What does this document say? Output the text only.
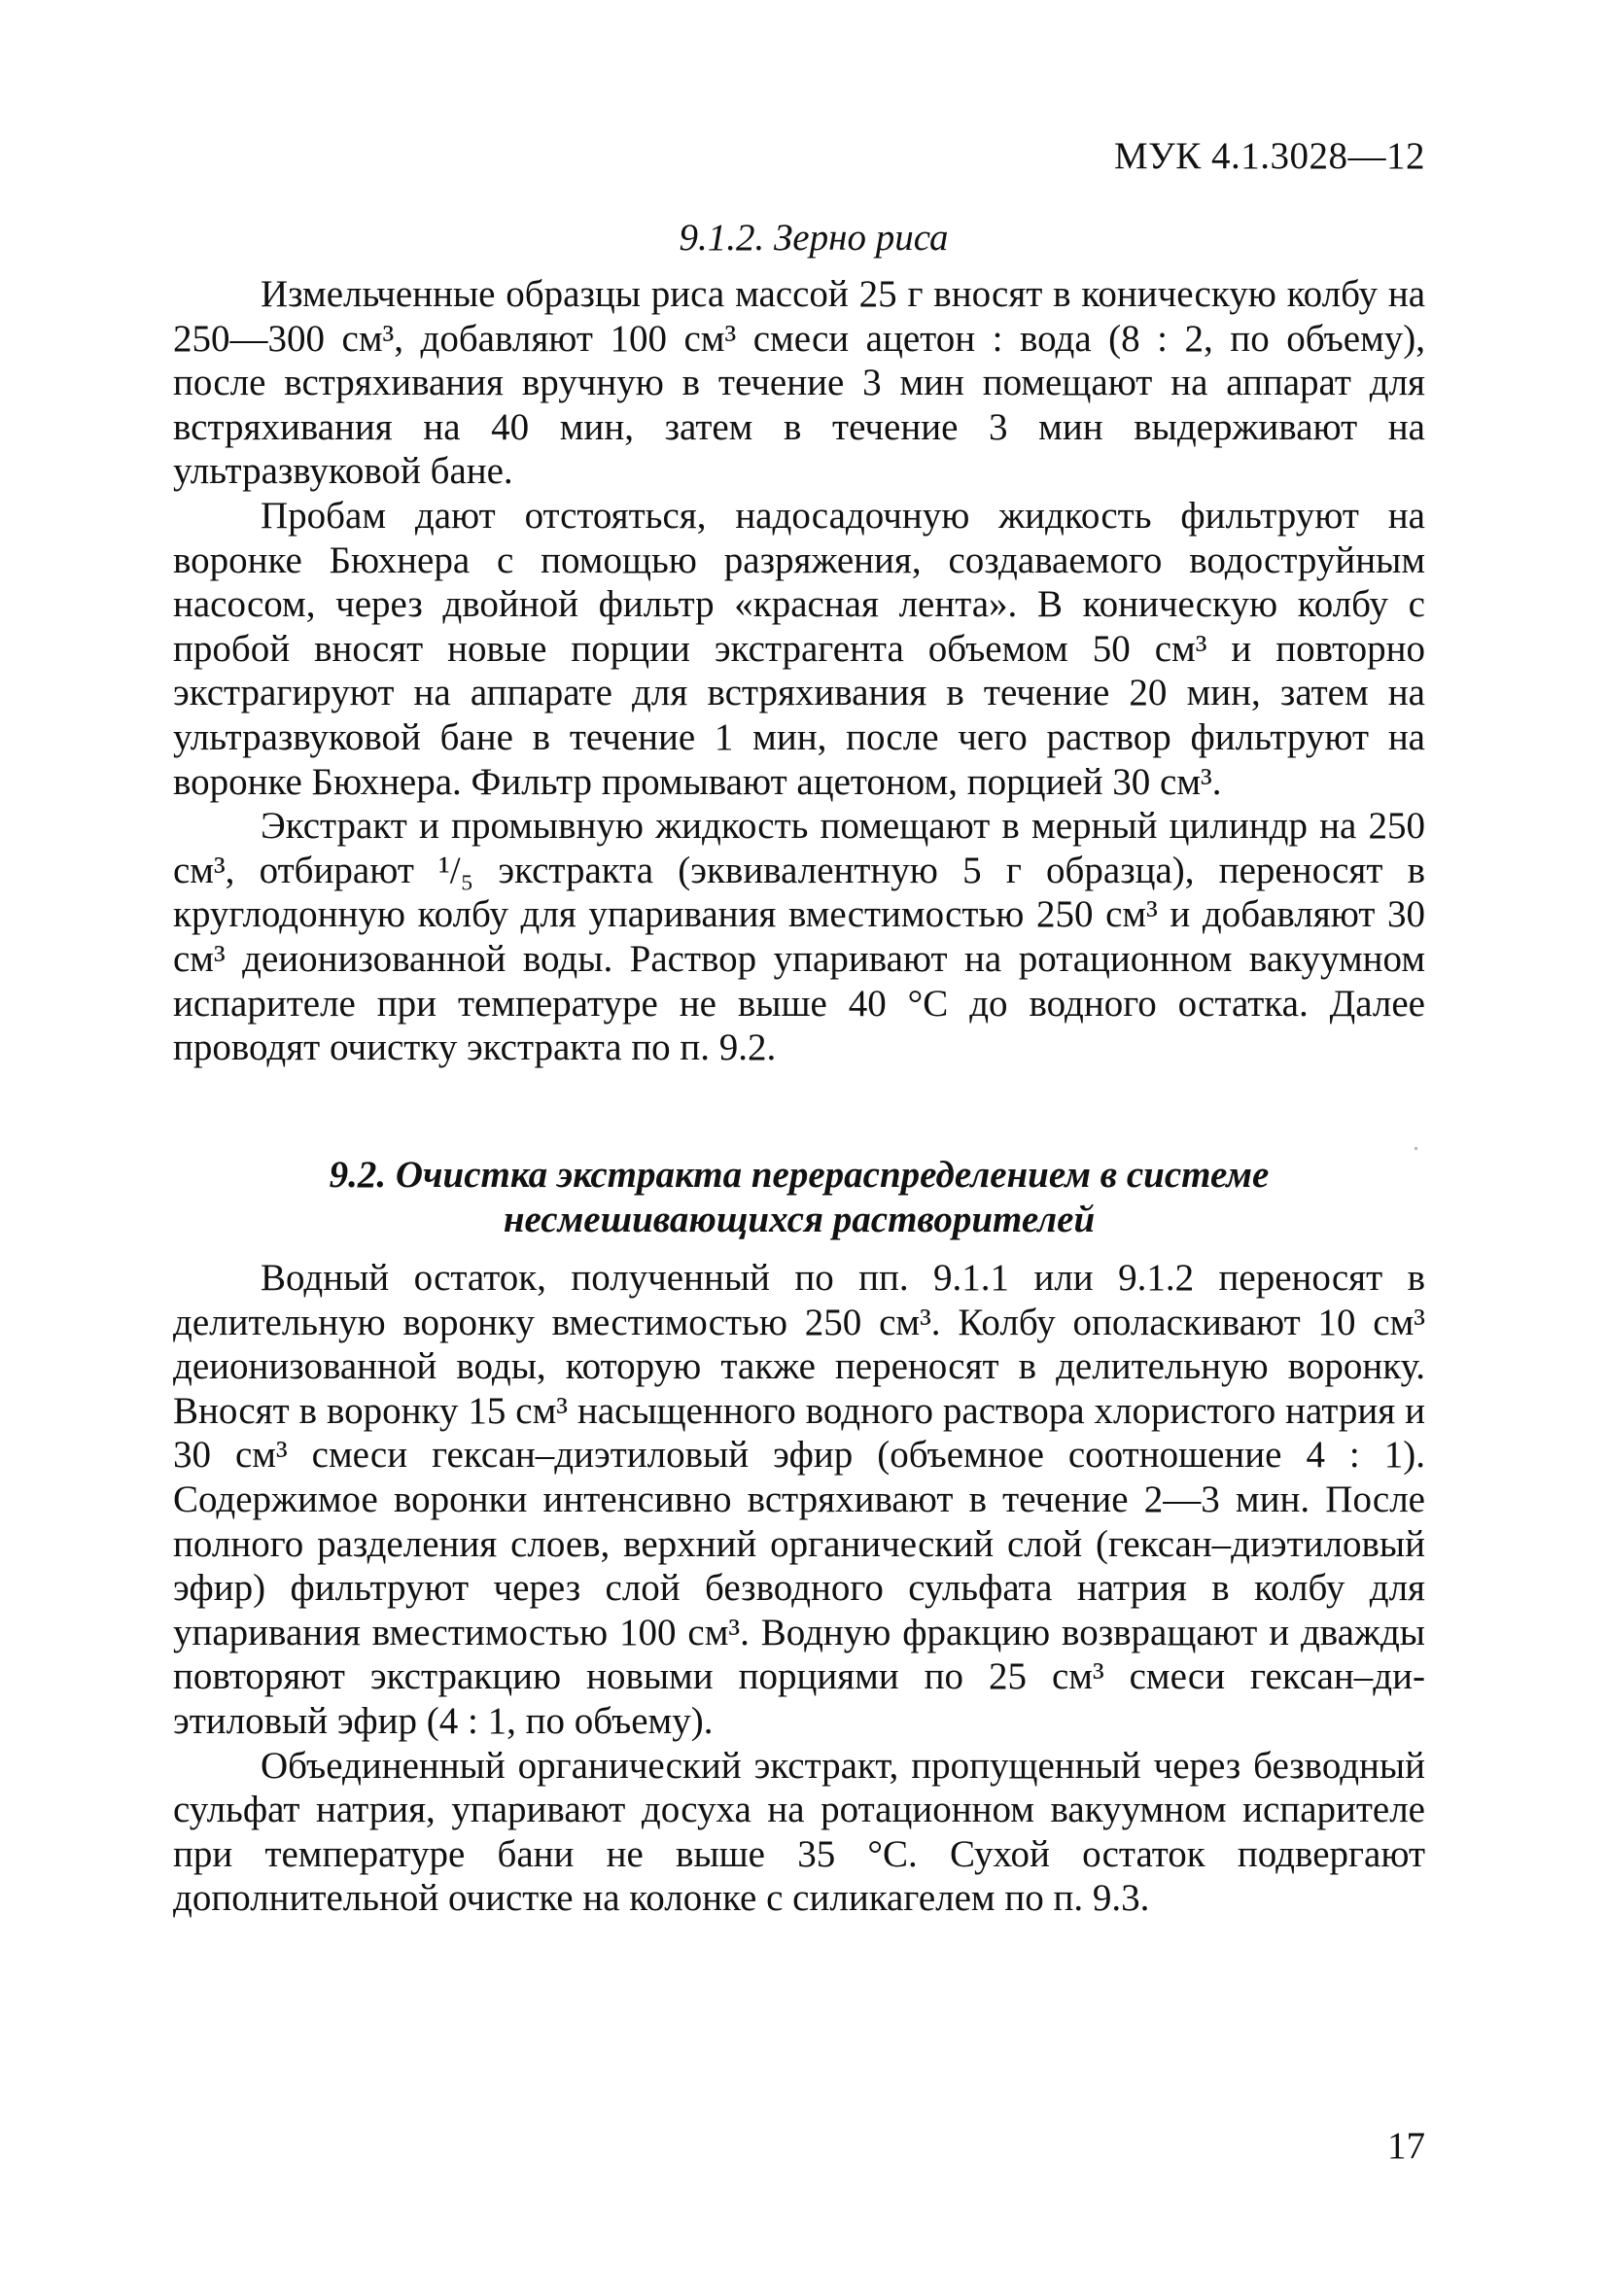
МУК 4.1.3028—12
9.1.2. Зерно риса

Измельченные образцы риса массой 25 г вносят в коническую колбу на 250—300 см³, добавляют 100 см³ смеси ацетон : вода (8 : 2, по объему), после встряхивания вручную в течение 3 мин помещают на аппарат для встряхивания на 40 мин, затем в течение 3 мин выдерживают на ультразвуковой бане.

Пробам дают отстояться, надосадочную жидкость фильтруют на воронке Бюхнера с помощью разряжения, создаваемого водоструйным насосом, через двойной фильтр «красная лента». В коническую колбу с пробой вносят новые порции экстрагента объемом 50 см³ и повторно экстрагируют на аппарате для встряхивания в течение 20 мин, затем на ультразвуковой бане в течение 1 мин, после чего раствор фильтруют на воронке Бюхнера. Фильтр промывают ацетоном, порцией 30 см³.

Экстракт и промывную жидкость помещают в мерный цилиндр на 250 см³, отбирают ¹/₅ экстракта (эквивалентную 5 г образца), переносят в круглодонную колбу для упаривания вместимостью 250 см³ и добавляют 30 см³ деионизованной воды. Раствор упаривают на ротационном вакуумном испарителе при температуре не выше 40 °С до водного остатка. Далее проводят очистку экстракта по п. 9.2.

9.2. Очистка экстракта перераспределением в системе
несмешивающихся растворителей

Водный остаток, полученный по пп. 9.1.1 или 9.1.2 переносят в делительную воронку вместимостью 250 см³. Колбу ополаскивают 10 см³ деионизованной воды, которую также переносят в делительную воронку. Вносят в воронку 15 см³ насыщенного водного раствора хлористого натрия и 30 см³ смеси гексан–диэтиловый эфир (объемное соотношение 4 : 1). Содержимое воронки интенсивно встряхивают в течение 2—3 мин. После полного разделения слоев, верхний органический слой (гексан–диэтиловый эфир) фильтруют через слой безводного сульфата натрия в колбу для упаривания вместимостью 100 см³. Водную фракцию возвращают и дважды повторяют экстракцию новыми порциями по 25 см³ смеси гексан–диэтиловый эфир (4 : 1, по объему).

Объединенный органический экстракт, пропущенный через безводный сульфат натрия, упаривают досуха на ротационном вакуумном испарителе при температуре бани не выше 35 °С. Сухой остаток подвергают дополнительной очистке на колонке с силикагелем по п. 9.3.

17
